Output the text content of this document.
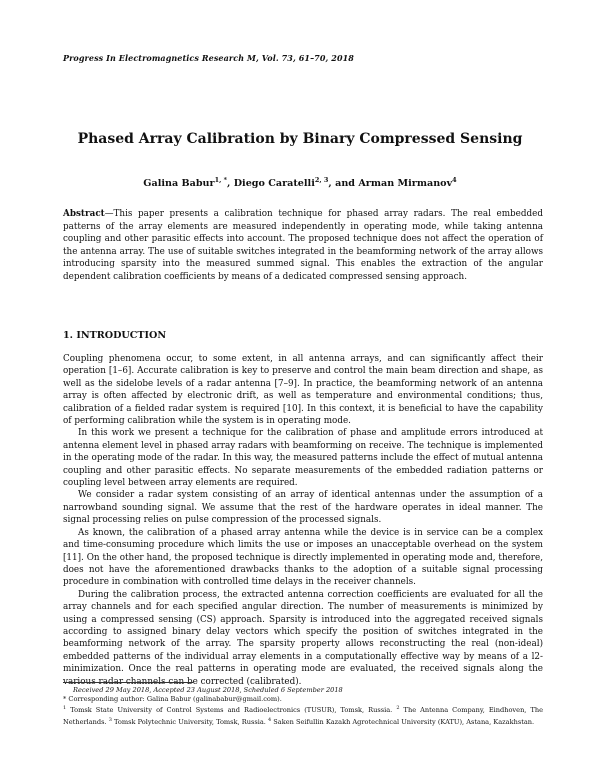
Progress In Electromagnetics Research M, Vol. 73, 61–70, 2018
Phased Array Calibration by Binary Compressed Sensing
Galina Babur$^{1, *}$, Diego Caratelli$^{2, 3}$, and Arman Mirmanov$^4$
Abstract—This paper presents a calibration technique for phased array radars. The real embedded patterns of the array elements are measured independently in operating mode, while taking antenna coupling and other parasitic effects into account. The proposed technique does not affect the operation of the antenna array. The use of suitable switches integrated in the beamforming network of the array allows introducing sparsity into the measured summed signal. This enables the extraction of the angular dependent calibration coefficients by means of a dedicated compressed sensing approach.
1. INTRODUCTION

Coupling phenomena occur, to some extent, in all antenna arrays, and can significantly affect their operation [1–6]. Accurate calibration is key to preserve and control the main beam direction and shape, as well as the sidelobe levels of a radar antenna [7–9]. In practice, the beamforming network of an antenna array is often affected by electronic drift, as well as temperature and environmental conditions; thus, calibration of a fielded radar system is required [10]. In this context, it is beneficial to have the capability of performing calibration while the system is in operating mode.

In this work we present a technique for the calibration of phase and amplitude errors introduced at antenna element level in phased array radars with beamforming on receive. The technique is implemented in the operating mode of the radar. In this way, the measured patterns include the effect of mutual antenna coupling and other parasitic effects. No separate measurements of the embedded radiation patterns or coupling level between array elements are required.

We consider a radar system consisting of an array of identical antennas under the assumption of a narrowband sounding signal. We assume that the rest of the hardware operates in ideal manner. The signal processing relies on pulse compression of the processed signals.

As known, the calibration of a phased array antenna while the device is in service can be a complex and time-consuming procedure which limits the use or imposes an unacceptable overhead on the system [11]. On the other hand, the proposed technique is directly implemented in operating mode and, therefore, does not have the aforementioned drawbacks thanks to the adoption of a suitable signal processing procedure in combination with controlled time delays in the receiver channels.

During the calibration process, the extracted antenna correction coefficients are evaluated for all the array channels and for each specified angular direction. The number of measurements is minimized by using a compressed sensing (CS) approach. Sparsity is introduced into the aggregated received signals according to assigned binary delay vectors which specify the position of switches integrated in the beamforming network of the array. The sparsity property allows reconstructing the real (non-ideal) embedded patterns of the individual array elements in a computationally effective way by means of a l2-minimization. Once the real patterns in operating mode are evaluated, the received signals along the various radar channels can be corrected (calibrated).

Received 29 May 2018, Accepted 23 August 2018, Scheduled 6 September 2018

* Corresponding author: Galina Babur (galinababur@gmail.com).

$^1$ Tomsk State University of Control Systems and Radioelectronics (TUSUR), Tomsk, Russia. $^2$ The Antenna Company, Eindhoven, The Netherlands. $^3$ Tomsk Polytechnic University, Tomsk, Russia. $^4$ Saken Seifullin Kazakh Agrotechnical University (KATU), Astana, Kazakhstan.
